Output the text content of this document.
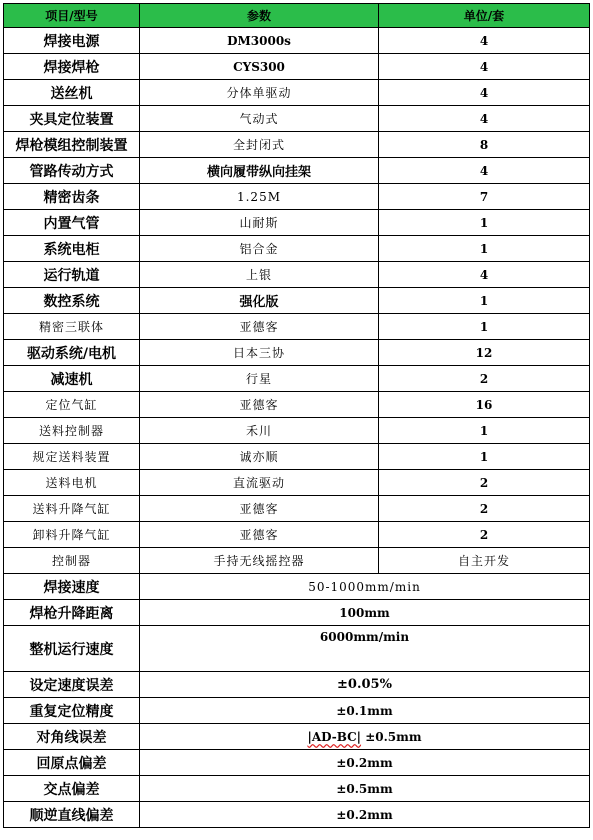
项目/型号	参数	单位/套
焊接电源	DM3000s	4
焊接焊枪	CYS300	4
送丝机	分体单驱动	4
夹具定位装置	气动式	4
焊枪模组控制装置	全封闭式	8
管路传动方式	横向履带纵向挂架	4
精密齿条	1.25M	7
内置气管	山耐斯	1
系统电柜	铝合金	1
运行轨道	上银	4
数控系统	强化版	1
精密三联体	亚德客	1
驱动系统/电机	日本三协	12
减速机	行星	2
定位气缸	亚德客	16
送料控制器	禾川	1
规定送料装置	诚亦顺	1
送料电机	直流驱动	2
送料升降气缸	亚德客	2
卸料升降气缸	亚德客	2
控制器	手持无线摇控器	自主开发
焊接速度	50-1000mm/min	
焊枪升降距离	100mm	
整机运行速度	6000mm/min	
设定速度误差	±0.05%	
重复定位精度	±0.1mm	
对角线误差	|AD-BC| ±0.5mm	
回原点偏差	±0.2mm	
交点偏差	±0.5mm	
顺逆直线偏差	±0.2mm	
